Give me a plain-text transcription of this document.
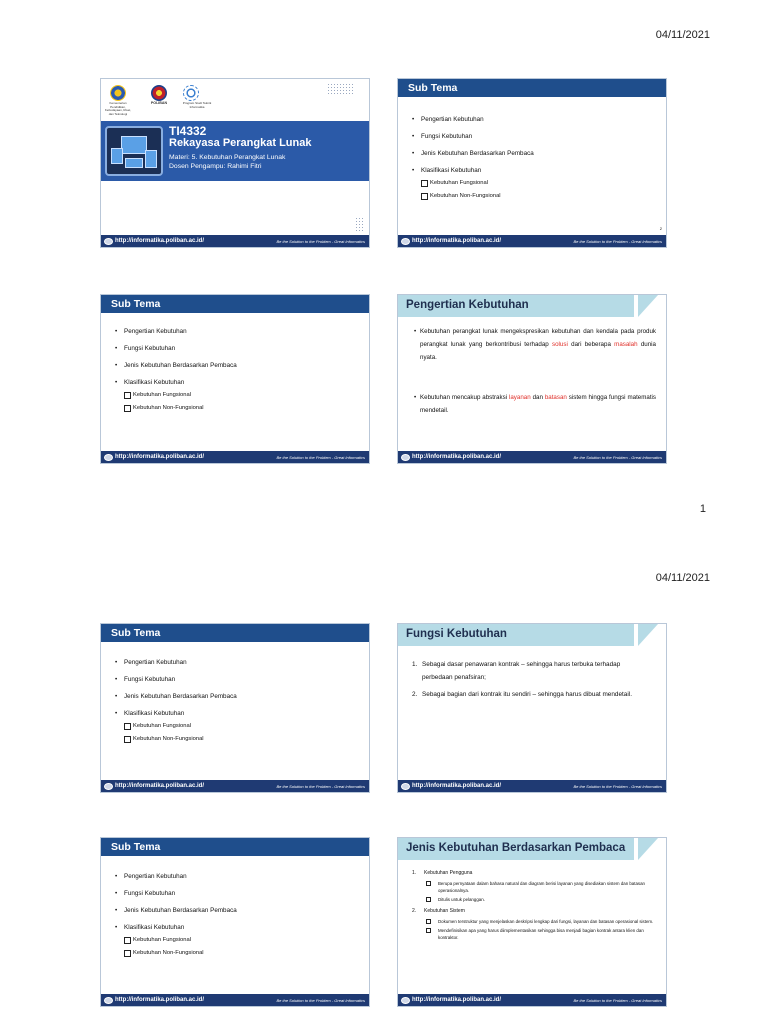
04/11/2021
Kementerian Pendidikan, Kebudayaan, Riset, dan Teknologi
POLIBAN	Program Studi Teknik Informatika
TI4332
Rekayasa Perangkat Lunak
Materi: 5. Kebutuhan Perangkat Lunak
Dosen Pengampu: Rahimi Fitri
http://informatika.poliban.ac.id/	Be the Solution to the Problem - Great Informatics
Sub Tema
• Pengertian Kebutuhan
• Fungsi Kebutuhan
• Jenis Kebutuhan Berdasarkan Pembaca
• Klasifikasi Kebutuhan
Kebutuhan Fungsional
Kebutuhan Non-Fungsional
2
http://informatika.poliban.ac.id/	Be the Solution to the Problem - Great Informatics
Sub Tema
• Pengertian Kebutuhan
• Fungsi Kebutuhan
• Jenis Kebutuhan Berdasarkan Pembaca
• Klasifikasi Kebutuhan
Kebutuhan Fungsional
Kebutuhan Non-Fungsional
http://informatika.poliban.ac.id/	Be the Solution to the Problem - Great Informatics
Pengertian Kebutuhan
• Kebutuhan perangkat lunak mengekspresikan kebutuhan dan kendala pada produk perangkat lunak yang berkontribusi terhadap solusi dari beberapa masalah dunia nyata.
• Kebutuhan mencakup abstraksi layanan dan batasan sistem hingga fungsi matematis mendetail.
http://informatika.poliban.ac.id/	Be the Solution to the Problem - Great Informatics
1
04/11/2021
Sub Tema
• Pengertian Kebutuhan
• Fungsi Kebutuhan
• Jenis Kebutuhan Berdasarkan Pembaca
• Klasifikasi Kebutuhan
Kebutuhan Fungsional
Kebutuhan Non-Fungsional
http://informatika.poliban.ac.id/	Be the Solution to the Problem - Great Informatics
Fungsi Kebutuhan
1. Sebagai dasar penawaran kontrak – sehingga harus terbuka terhadap perbedaan penafsiran;
2. Sebagai bagian dari kontrak itu sendiri – sehingga harus dibuat mendetail.
http://informatika.poliban.ac.id/	Be the Solution to the Problem - Great Informatics
Sub Tema
• Pengertian Kebutuhan
• Fungsi Kebutuhan
• Jenis Kebutuhan Berdasarkan Pembaca
• Klasifikasi Kebutuhan
Kebutuhan Fungsional
Kebutuhan Non-Fungsional
http://informatika.poliban.ac.id/	Be the Solution to the Problem - Great Informatics
Jenis Kebutuhan Berdasarkan Pembaca
1. Kebutuhan Pengguna
Berupa pernyataan dalam bahasa natural dan diagram berisi layanan yang disediakan sistem dan batasan operasionalnya.
Ditulis untuk pelanggan.
2. Kebutuhan Sistem
Dokumen terstruktur yang menjelaskan deskripsi lengkap dari fungsi, layanan dan batasan operasional sistem.
Mendefinisikan apa yang harus diimplementasikan sehingga bisa menjadi bagian kontrak antara klien dan kontraktor.
http://informatika.poliban.ac.id/	Be the Solution to the Problem - Great Informatics
